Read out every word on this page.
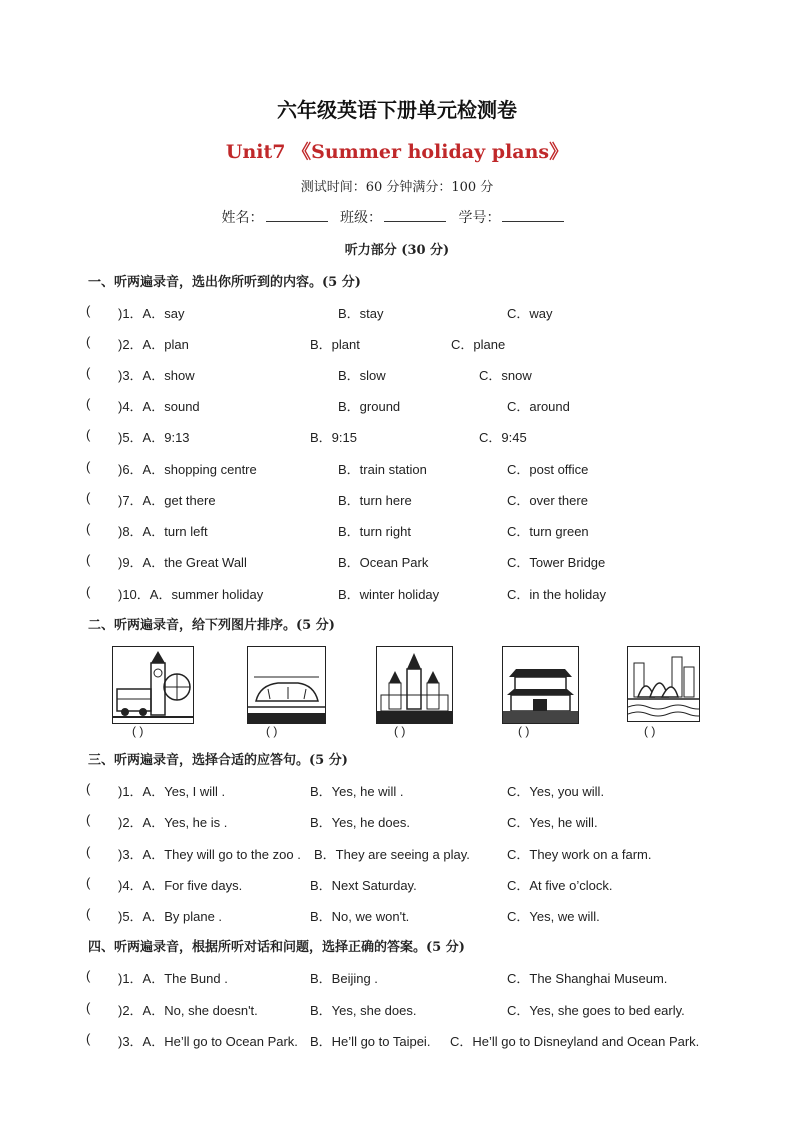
六年级英语下册单元检测卷
Unit7 《Summer holiday plans》
测试时间：60 分钟满分：100 分
姓名：	班级：	学号：
听力部分 (30 分)
一、听两遍录音，选出你所听到的内容。(5 分)
( )1．A．say	B．stay	C．way
( )2．A．plan	B．plant	C．plane
( )3．A．show	B．slow	C．snow
( )4．A．sound	B．ground	C．around
( )5．A．9:13	B．9:15	C．9:45
( )6．A．shopping centre	B．train station	C．post office
( )7．A．get there	B．turn here	C．over there
( )8．A．turn left	B．turn right	C．turn green
( )9．A．the Great Wall	B．Ocean Park	C．Tower Bridge
( )10．A．summer holiday	B．winter holiday	C．in the holiday
二、听两遍录音，给下列图片排序。(5 分)
( )	( )	( )	( )	( )
三、听两遍录音，选择合适的应答句。(5 分)
( )1．A．Yes, I will .	B．Yes, he will .	C．Yes, you will.
( )2．A．Yes, he is .	B．Yes, he does.	C．Yes, he will.
( )3．A．They will go to the zoo . B．They are seeing a play.	C．They work on a farm.
( )4．A．For five days.	B．Next Saturday.	C．At five o’clock.
( )5．A．By plane .	B．No, we won't.	C．Yes, we will.
四、听两遍录音，根据所听对话和问题，选择正确的答案。(5 分)
( )1．A．The Bund .	B．Beijing .	C．The Shanghai Museum.
( )2．A．No, she doesn't.	B．Yes, she does.	C．Yes, she goes to bed early.
( )3．A．He’ll go to Ocean Park. B．He’ll go to Taipei. C．He’ll go to Disneyland and Ocean Park.
